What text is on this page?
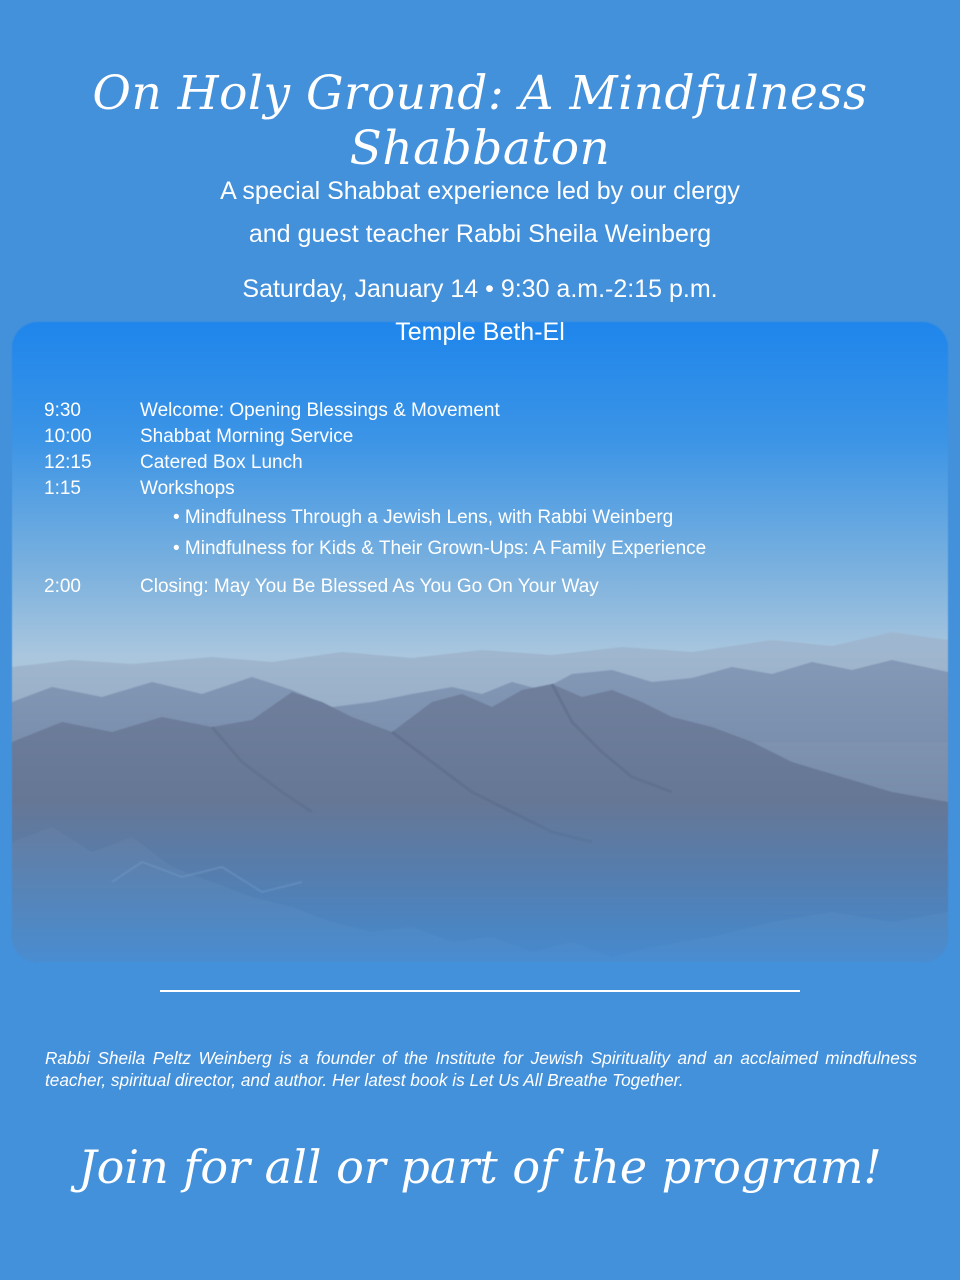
On Holy Ground: A Mindfulness Shabbaton
A special Shabbat experience led by our clergy
and guest teacher Rabbi Sheila Weinberg
Saturday, January 14 • 9:30 a.m.-2:15 p.m.
Temple Beth-El
9:30	Welcome: Opening Blessings & Movement
10:00	Shabbat Morning Service
12:15	Catered Box Lunch
1:15	Workshops
• Mindfulness Through a Jewish Lens, with Rabbi Weinberg
• Mindfulness for Kids & Their Grown-Ups: A Family Experience
2:00	Closing: May You Be Blessed As You Go On Your Way

Rabbi Sheila Peltz Weinberg is a founder of the Institute for Jewish Spirituality and an acclaimed mindfulness teacher, spiritual director, and author. Her latest book is Let Us All Breathe Together.

Join for all or part of the program!
